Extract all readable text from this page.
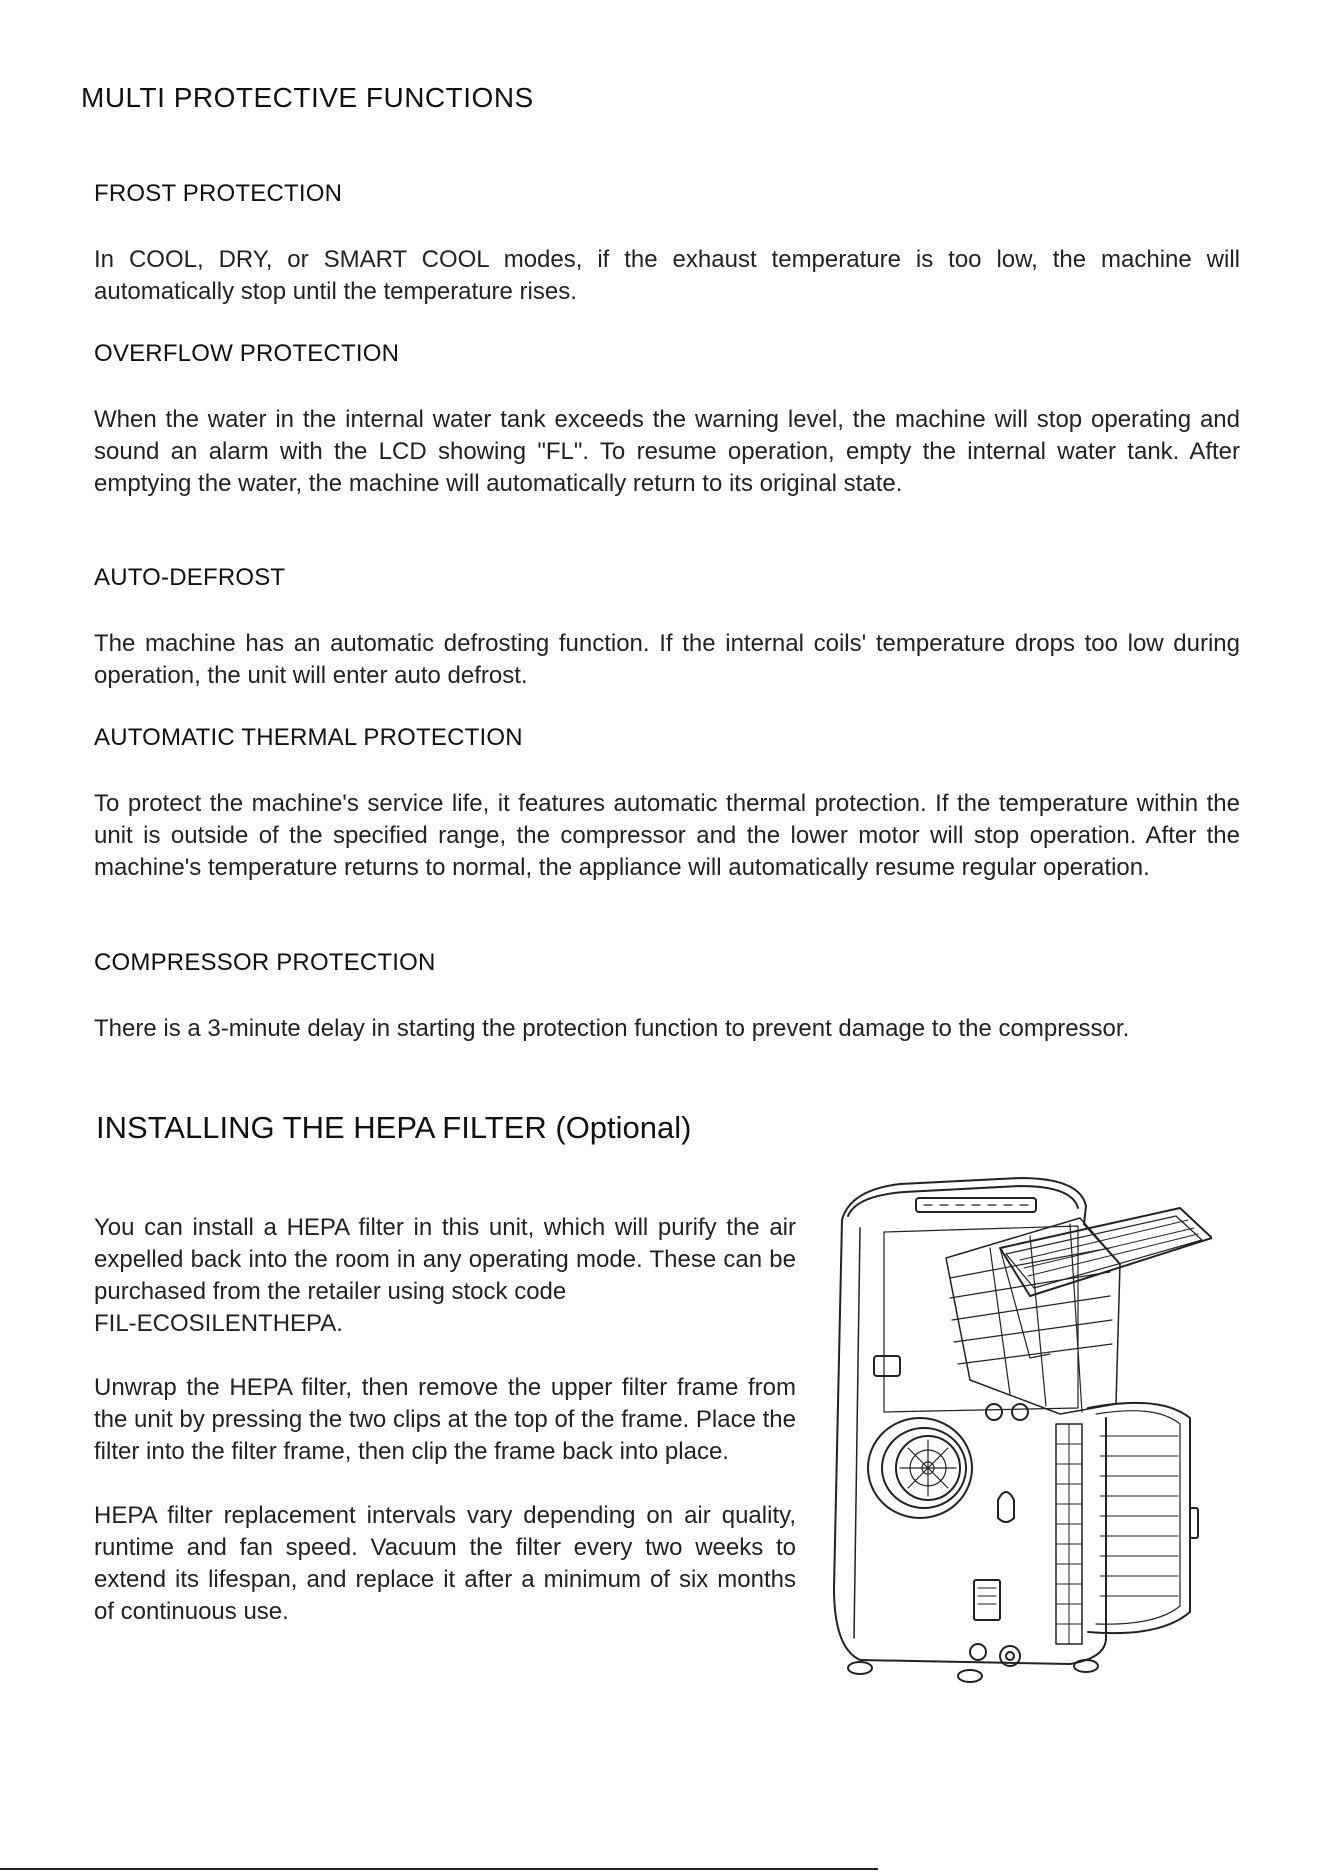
MULTI PROTECTIVE FUNCTIONS
FROST PROTECTION

In COOL, DRY, or SMART COOL modes, if the exhaust temperature is too low, the machine will automatically stop until the temperature rises.

OVERFLOW PROTECTION

When the water in the internal water tank exceeds the warning level, the machine will stop operating and sound an alarm with the LCD showing "FL". To resume operation, empty the internal water tank. After emptying the water, the machine will automatically return to its original state.

AUTO-DEFROST

The machine has an automatic defrosting function. If the internal coils' temperature drops too low during operation, the unit will enter auto defrost.

AUTOMATIC THERMAL PROTECTION

To protect the machine's service life, it features automatic thermal protection. If the temperature within the unit is outside of the specified range, the compressor and the lower motor will stop operation. After the machine's temperature returns to normal, the appliance will automatically resume regular operation.

COMPRESSOR PROTECTION

There is a 3-minute delay in starting the protection function to prevent damage to the compressor.

INSTALLING THE HEPA FILTER (Optional)

You can install a HEPA filter in this unit, which will purify the air expelled back into the room in any operating mode. These can be purchased from the retailer using stock code
FIL-ECOSILENTHEPA.

Unwrap the HEPA filter, then remove the upper filter frame from the unit by pressing the two clips at the top of the frame. Place the filter into the filter frame, then clip the frame back into place.

HEPA filter replacement intervals vary depending on air quality, runtime and fan speed. Vacuum the filter every two weeks to extend its lifespan, and replace it after a minimum of six months of continuous use.
